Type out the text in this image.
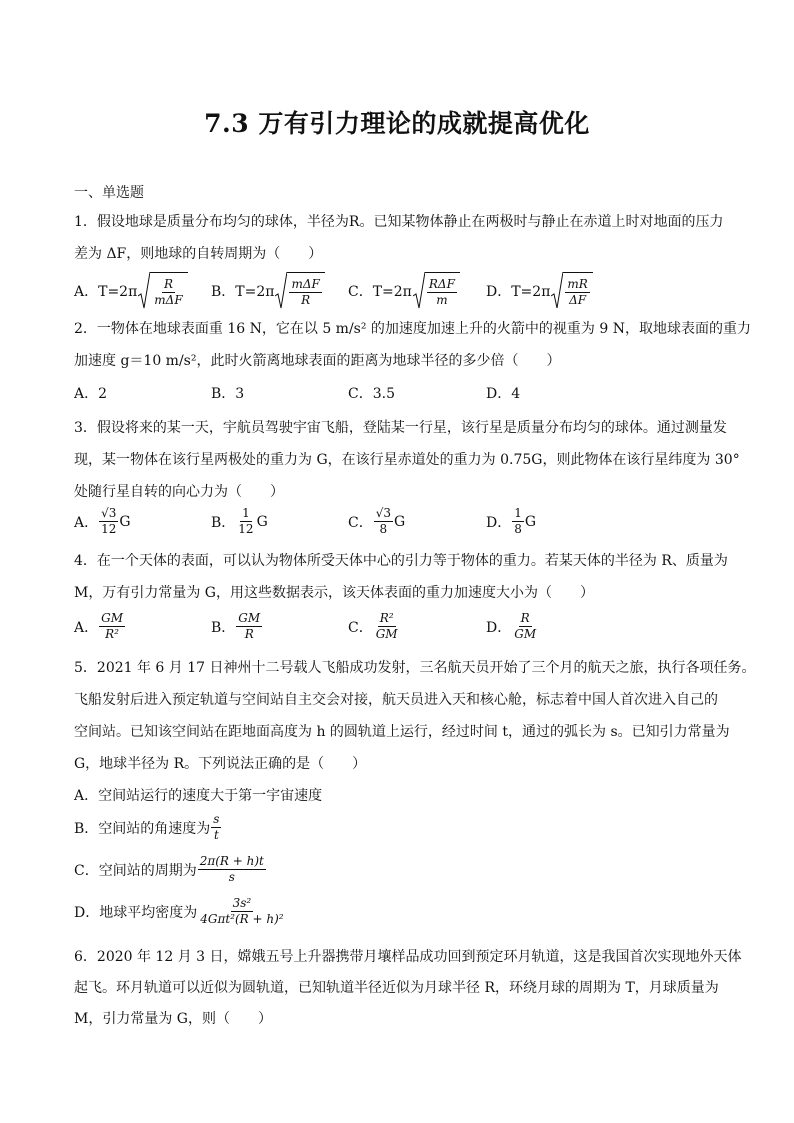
7.3 万有引力理论的成就提高优化
一、单选题
1．假设地球是质量分布均匀的球体，半径为R。已知某物体静止在两极时与静止在赤道上时对地面的压力
差为 ΔF，则地球的自转周期为（　　）
A．$T=2\pi \frac{R}{\text{mΔF}}$ B．$T=2\pi \frac{\text{mΔF}}{R}$ C．$T=2\pi \frac{\text{RΔF}}{m}$ D．$T=2\pi \frac{mR}{\Delta F}$
2．一物体在地球表面重 16 N，它在以 5 m/s² 的加速度加速上升的火箭中的视重为 9 N，取地球表面的重力
加速度 g＝10 m/s²，此时火箭离地球表面的距离为地球半径的多少倍（　　）
A．2	B．3	C．3.5	D．4
3．假设将来的某一天，宇航员驾驶宇宙飞船，登陆某一行星，该行星是质量分布均匀的球体。通过测量发
现，某一物体在该行星两极处的重力为 G，在该行星赤道处的重力为 0.75G，则此物体在该行星纬度为 30°
处随行星自转的向心力为（　　）
A． $\frac{√3}{12}$ G	B． $\frac{1}{12}$ G	C． $\frac{√3}{8}$ G	D． $\frac{1}{8}$ G
4．在一个天体的表面，可以认为物体所受天体中心的引力等于物体的重力。若某天体的半径为 R、质量为
M，万有引力常量为 G，用这些数据表示，该天体表面的重力加速度大小为（　　）
A． $\frac{GM}{\text{R²}}$	B． $\frac{GM}{R}$	C． $\frac{\text{R²}}{GM}$	D． $\frac{R}{GM}$
5．2021 年 6 月 17 日神州十二号载人飞船成功发射，三名航天员开始了三个月的航天之旅，执行各项任务。
飞船发射后进入预定轨道与空间站自主交会对接，航天员进入天和核心舱，标志着中国人首次进入自己的
空间站。已知该空间站在距地面高度为 h 的圆轨道上运行，经过时间 t，通过的弧长为 s。已知引力常量为
G，地球半径为 R。下列说法正确的是（　　）
A．空间站运行的速度大于第一宇宙速度
B．空间站的角速度为 $\frac{s}{t}$
C．空间站的周期为 $\frac{2\pi(R + h)t}{s}$
D．地球平均密度为 $\frac{\text{3s²}}{\text{4Gπt²(R + h)²}}$
6．2020 年 12 月 3 日，嫦娥五号上升器携带月壤样品成功回到预定环月轨道，这是我国首次实现地外天体
起飞。环月轨道可以近似为圆轨道，已知轨道半径近似为月球半径 R，环绕月球的周期为 T，月球质量为
M，引力常量为 G，则（　　）
